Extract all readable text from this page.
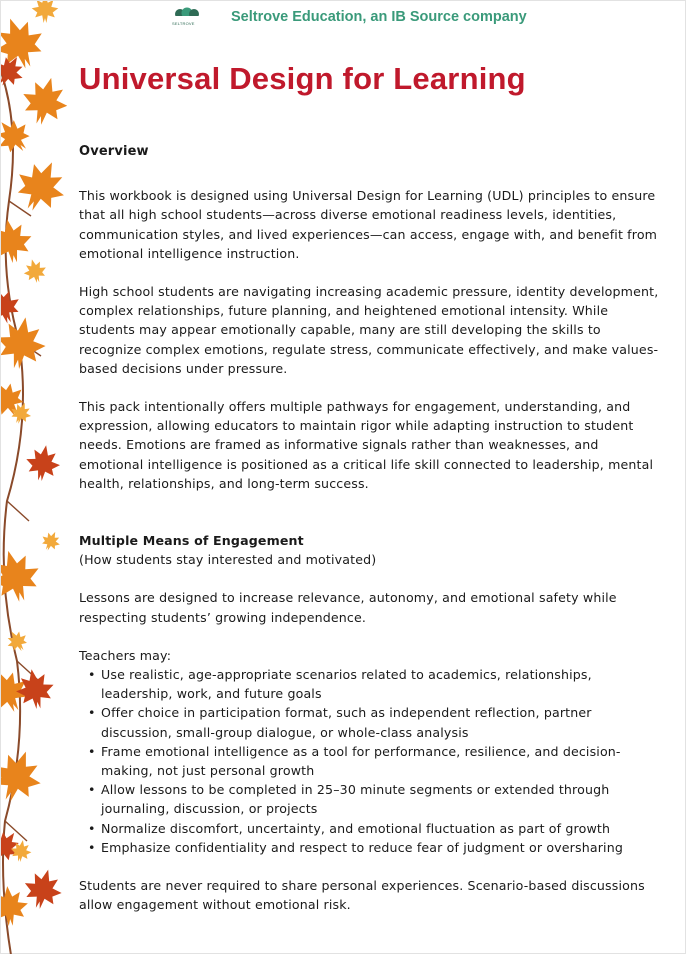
SELTROVE	Seltrove Education, an IB Source company
Universal Design for Learning
Overview

This workbook is designed using Universal Design for Learning (UDL) principles to ensure that all high school students—across diverse emotional readiness levels, identities, communication styles, and lived experiences—can access, engage with, and benefit from emotional intelligence instruction.

High school students are navigating increasing academic pressure, identity development, complex relationships, future planning, and heightened emotional intensity. While students may appear emotionally capable, many are still developing the skills to recognize complex emotions, regulate stress, communicate effectively, and make values-based decisions under pressure.

This pack intentionally offers multiple pathways for engagement, understanding, and expression, allowing educators to maintain rigor while adapting instruction to student needs. Emotions are framed as informative signals rather than weaknesses, and emotional intelligence is positioned as a critical life skill connected to leadership, mental health, relationships, and long-term success.

Multiple Means of Engagement

(How students stay interested and motivated)

Lessons are designed to increase relevance, autonomy, and emotional safety while respecting students’ growing independence.

Teachers may:

• Use realistic, age-appropriate scenarios related to academics, relationships, leadership, work, and future goals
• Offer choice in participation format, such as independent reflection, partner discussion, small-group dialogue, or whole-class analysis
• Frame emotional intelligence as a tool for performance, resilience, and decision-making, not just personal growth
• Allow lessons to be completed in 25–30 minute segments or extended through journaling, discussion, or projects
• Normalize discomfort, uncertainty, and emotional fluctuation as part of growth
• Emphasize confidentiality and respect to reduce fear of judgment or oversharing

Students are never required to share personal experiences. Scenario-based discussions allow engagement without emotional risk.
